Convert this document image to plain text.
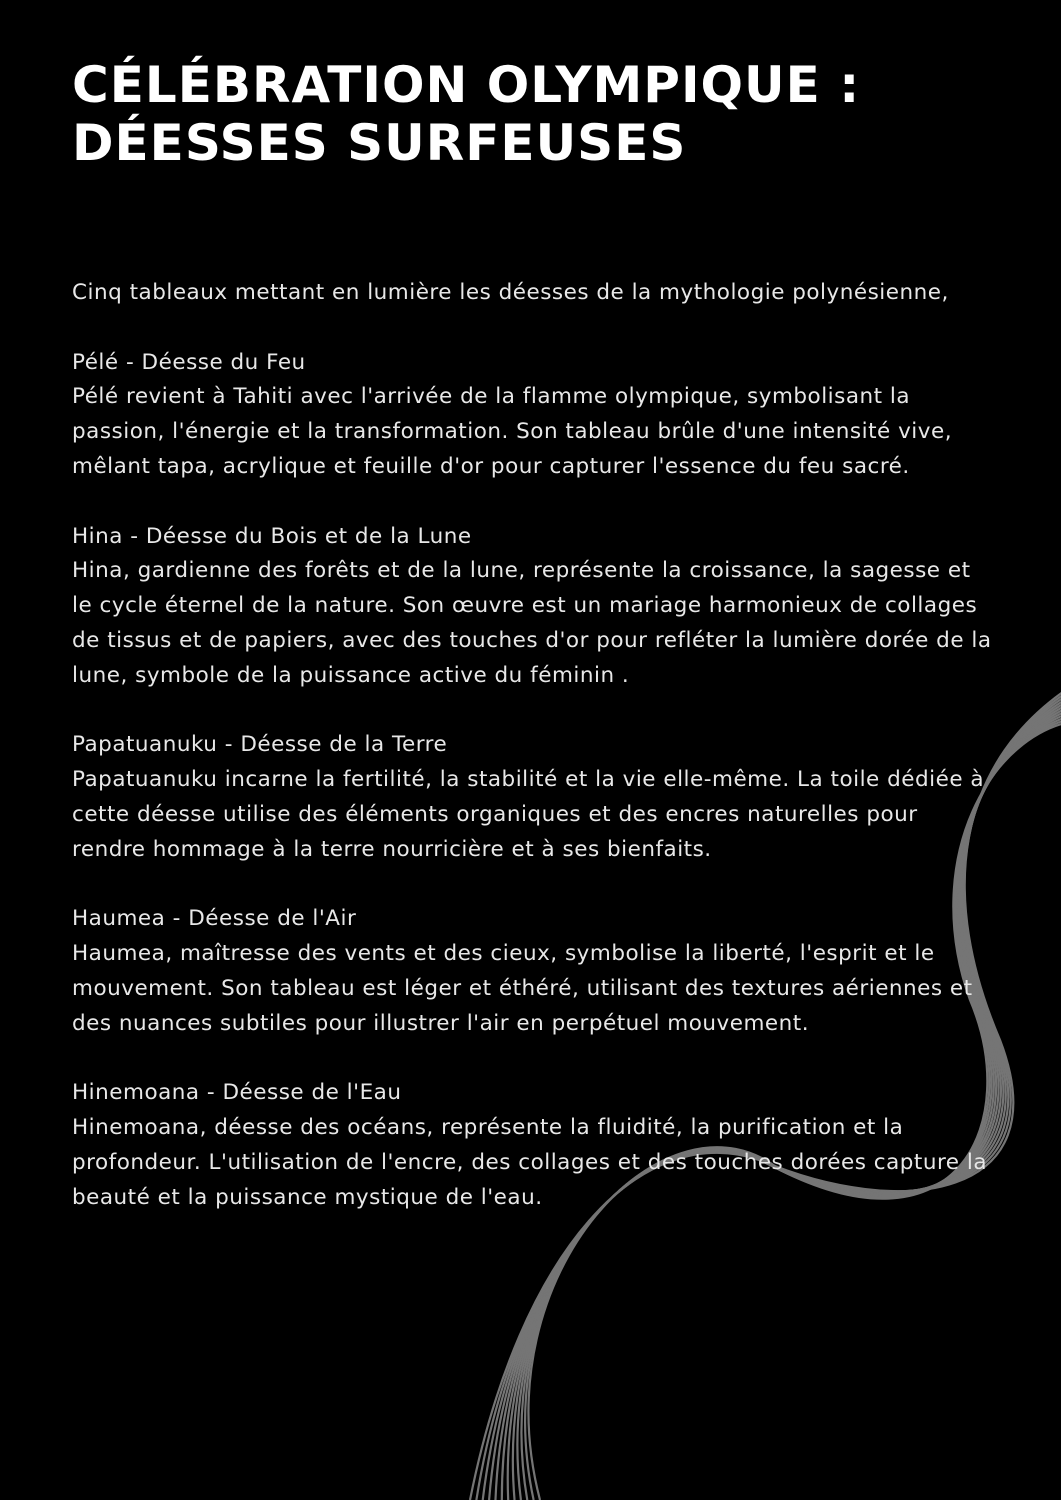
CÉLÉBRATION OLYMPIQUE :
DÉESSES SURFEUSES

Cinq tableaux mettant en lumière les déesses de la mythologie polynésienne,

Pélé - Déesse du Feu

Pélé revient à Tahiti avec l'arrivée de la flamme olympique, symbolisant la passion, l'énergie et la transformation. Son tableau brûle d'une intensité vive, mêlant tapa, acrylique et feuille d'or pour capturer l'essence du feu sacré.

Hina - Déesse du Bois et de la Lune

Hina, gardienne des forêts et de la lune, représente la croissance, la sagesse et le cycle éternel de la nature. Son œuvre est un mariage harmonieux de collages de tissus et de papiers, avec des touches d'or pour refléter la lumière dorée de la lune, symbole de la puissance active du féminin .

Papatuanuku - Déesse de la Terre

Papatuanuku incarne la fertilité, la stabilité et la vie elle-même. La toile dédiée à cette déesse utilise des éléments organiques et des encres naturelles pour rendre hommage à la terre nourricière et à ses bienfaits.

Haumea - Déesse de l'Air

Haumea, maîtresse des vents et des cieux, symbolise la liberté, l'esprit et le mouvement. Son tableau est léger et éthéré, utilisant des textures aériennes et des nuances subtiles pour illustrer l'air en perpétuel mouvement.

Hinemoana - Déesse de l'Eau

Hinemoana, déesse des océans, représente la fluidité, la purification et la profondeur. L'utilisation de l'encre, des collages et des touches dorées capture la beauté et la puissance mystique de l'eau.
